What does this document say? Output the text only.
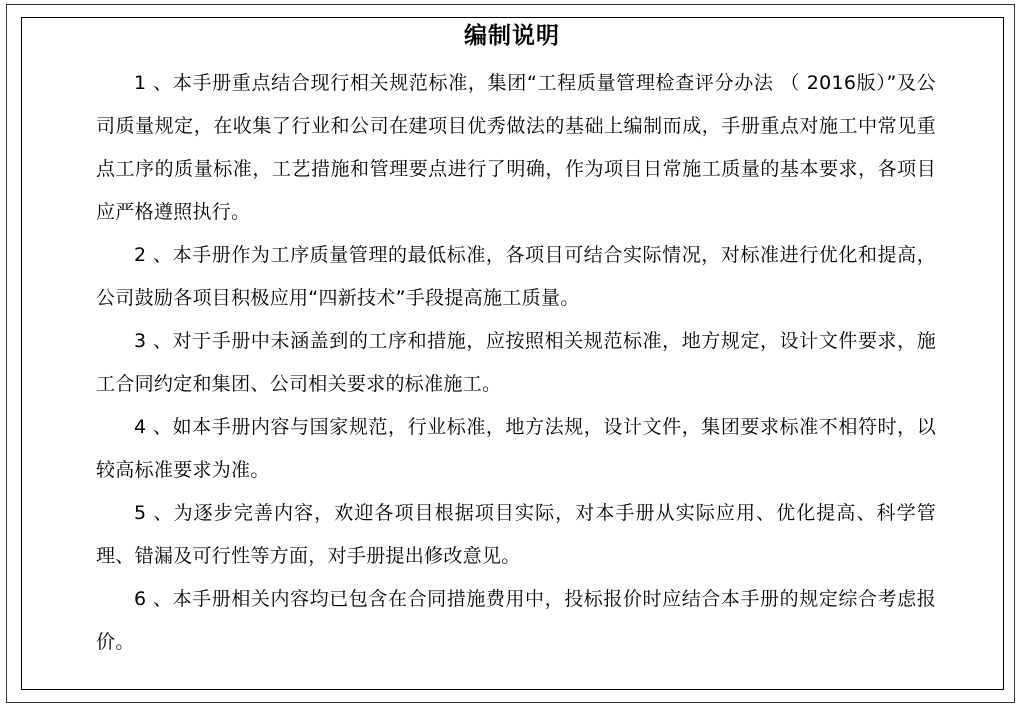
编制说明

1 、本手册重点结合现行相关规范标准，集团“工程质量管理检查评分办法 （ 2016版）”及公司质量规定，在收集了行业和公司在建项目优秀做法的基础上编制而成，手册重点对施工中常见重点工序的质量标准，工艺措施和管理要点进行了明确，作为项目日常施工质量的基本要求，各项目应严格遵照执行。

2 、本手册作为工序质量管理的最低标准，各项目可结合实际情况，对标准进行优化和提高，公司鼓励各项目积极应用“四新技术”手段提高施工质量。

3 、对于手册中未涵盖到的工序和措施，应按照相关规范标准，地方规定，设计文件要求，施工合同约定和集团、公司相关要求的标准施工。

4 、如本手册内容与国家规范，行业标准，地方法规，设计文件，集团要求标准不相符时，以较高标准要求为准。

5 、为逐步完善内容，欢迎各项目根据项目实际，对本手册从实际应用、优化提高、科学管理、错漏及可行性等方面，对手册提出修改意见。

6 、本手册相关内容均已包含在合同措施费用中，投标报价时应结合本手册的规定综合考虑报价。
